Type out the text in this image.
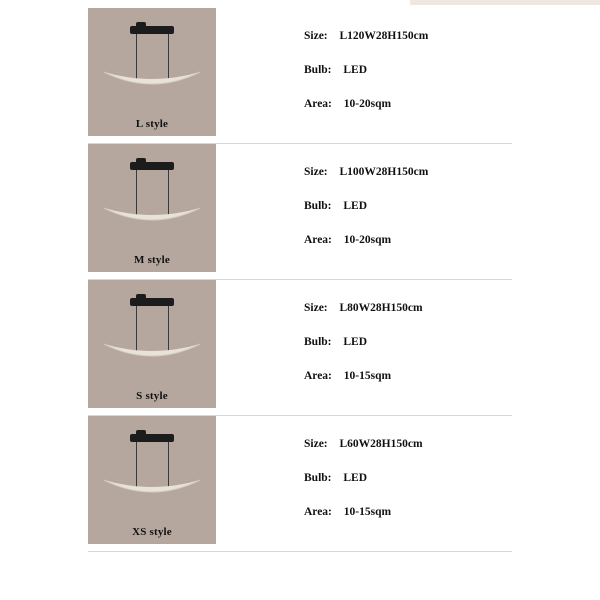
L style
Size: L120W28H150cm
Bulb: LED
Area: 10-20sqm
M style
Size: L100W28H150cm
Bulb: LED
Area: 10-20sqm
S style
Size: L80W28H150cm
Bulb: LED
Area: 10-15sqm
XS style
Size: L60W28H150cm
Bulb: LED
Area: 10-15sqm
